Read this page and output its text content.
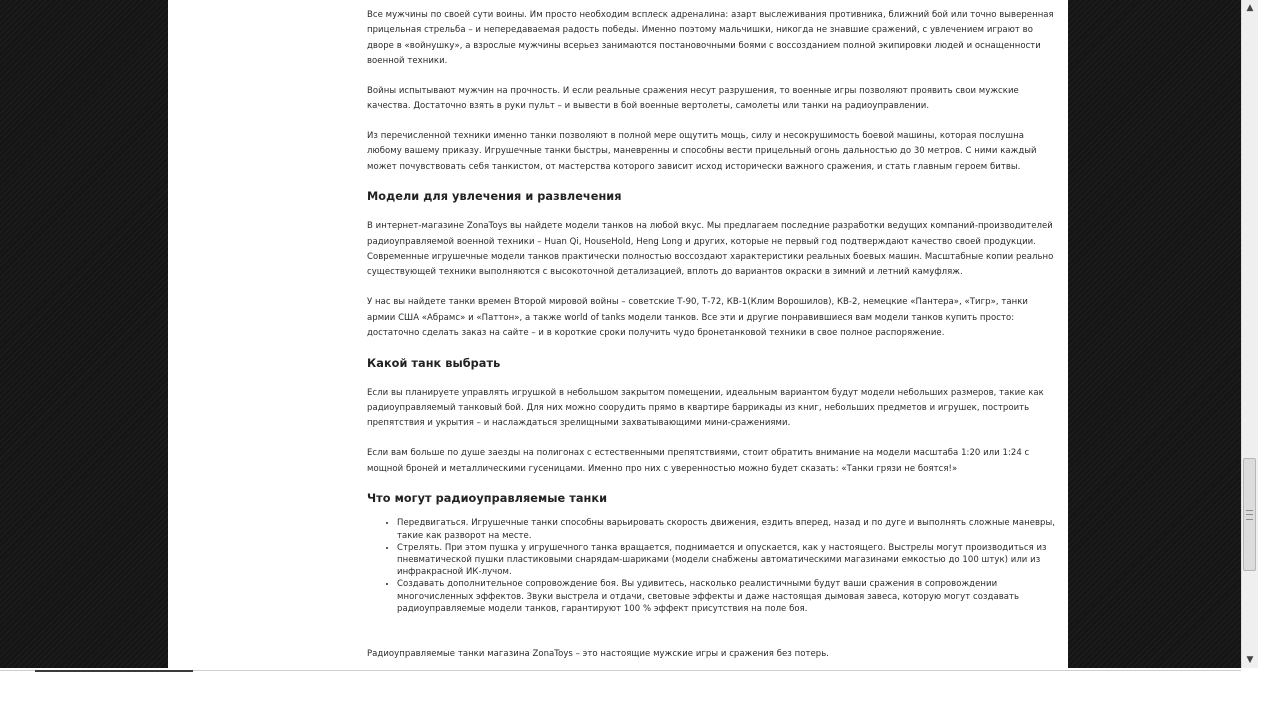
Все мужчины по своей сути воины. Им просто необходим всплеск адреналина: азарт выслеживания противника, ближний бой или точно выверенная прицельная стрельба – и непередаваемая радость победы. Именно поэтому мальчишки, никогда не знавшие сражений, с увлечением играют во дворе в «войнушку», а взрослые мужчины всерьез занимаются постановочными боями с воссозданием полной экипировки людей и оснащенности военной техники.

Войны испытывают мужчин на прочность. И если реальные сражения несут разрушения, то военные игры позволяют проявить свои мужские качества. Достаточно взять в руки пульт – и вывести в бой военные вертолеты, самолеты или танки на радиоуправлении.

Из перечисленной техники именно танки позволяют в полной мере ощутить мощь, силу и несокрушимость боевой машины, которая послушна любому вашему приказу. Игрушечные танки быстры, маневренны и способны вести прицельный огонь дальностью до 30 метров. С ними каждый может почувствовать себя танкистом, от мастерства которого зависит исход исторически важного сражения, и стать главным героем битвы.

Модели для увлечения и развлечения

В интернет-магазине ZonaToys вы найдете модели танков на любой вкус. Мы предлагаем последние разработки ведущих компаний-производителей радиоуправляемой военной техники – Huan Qi, HouseHold, Heng Long и других, которые не первый год подтверждают качество своей продукции. Современные игрушечные модели танков практически полностью воссоздают характеристики реальных боевых машин. Масштабные копии реально существующей техники выполняются с высокоточной детализацией, вплоть до вариантов окраски в зимний и летний камуфляж.

У нас вы найдете танки времен Второй мировой войны – советские Т-90, Т-72, КВ-1(Клим Ворошилов), КВ-2, немецкие «Пантера», «Тигр», танки армии США «Абрамс» и «Паттон», а также world of tanks модели танков. Все эти и другие понравившиеся вам модели танков купить просто: достаточно сделать заказ на сайте – и в короткие сроки получить чудо бронетанковой техники в свое полное распоряжение.

Какой танк выбрать

Если вы планируете управлять игрушкой в небольшом закрытом помещении, идеальным вариантом будут модели небольших размеров, такие как радиоуправляемый танковый бой. Для них можно соорудить прямо в квартире баррикады из книг, небольших предметов и игрушек, построить препятствия и укрытия – и наслаждаться зрелищными захватывающими мини-сражениями.

Если вам больше по душе заезды на полигонах с естественными препятствиями, стоит обратить внимание на модели масштаба 1:20 или 1:24 с мощной броней и металлическими гусеницами. Именно про них с уверенностью можно будет сказать: «Танки грязи не боятся!»

Что могут радиоуправляемые танки
• Передвигаться. Игрушечные танки способны варьировать скорость движения, ездить вперед, назад и по дуге и выполнять сложные маневры, такие как разворот на месте.
• Стрелять. При этом пушка у игрушечного танка вращается, поднимается и опускается, как у настоящего. Выстрелы могут производиться из пневматической пушки пластиковыми снарядам-шариками (модели снабжены автоматическими магазинами емкостью до 100 штук) или из инфракрасной ИК-лучом.
• Создавать дополнительное сопровождение боя. Вы удивитесь, насколько реалистичными будут ваши сражения в сопровождении многочисленных эффектов. Звуки выстрела и отдачи, световые эффекты и даже настоящая дымовая завеса, которую могут создавать радиоуправляемые модели танков, гарантируют 100 % эффект присутствия на поле боя.

Радиоуправляемые танки магазина ZonaToys – это настоящие мужские игры и сражения без потерь.

▲
▼
